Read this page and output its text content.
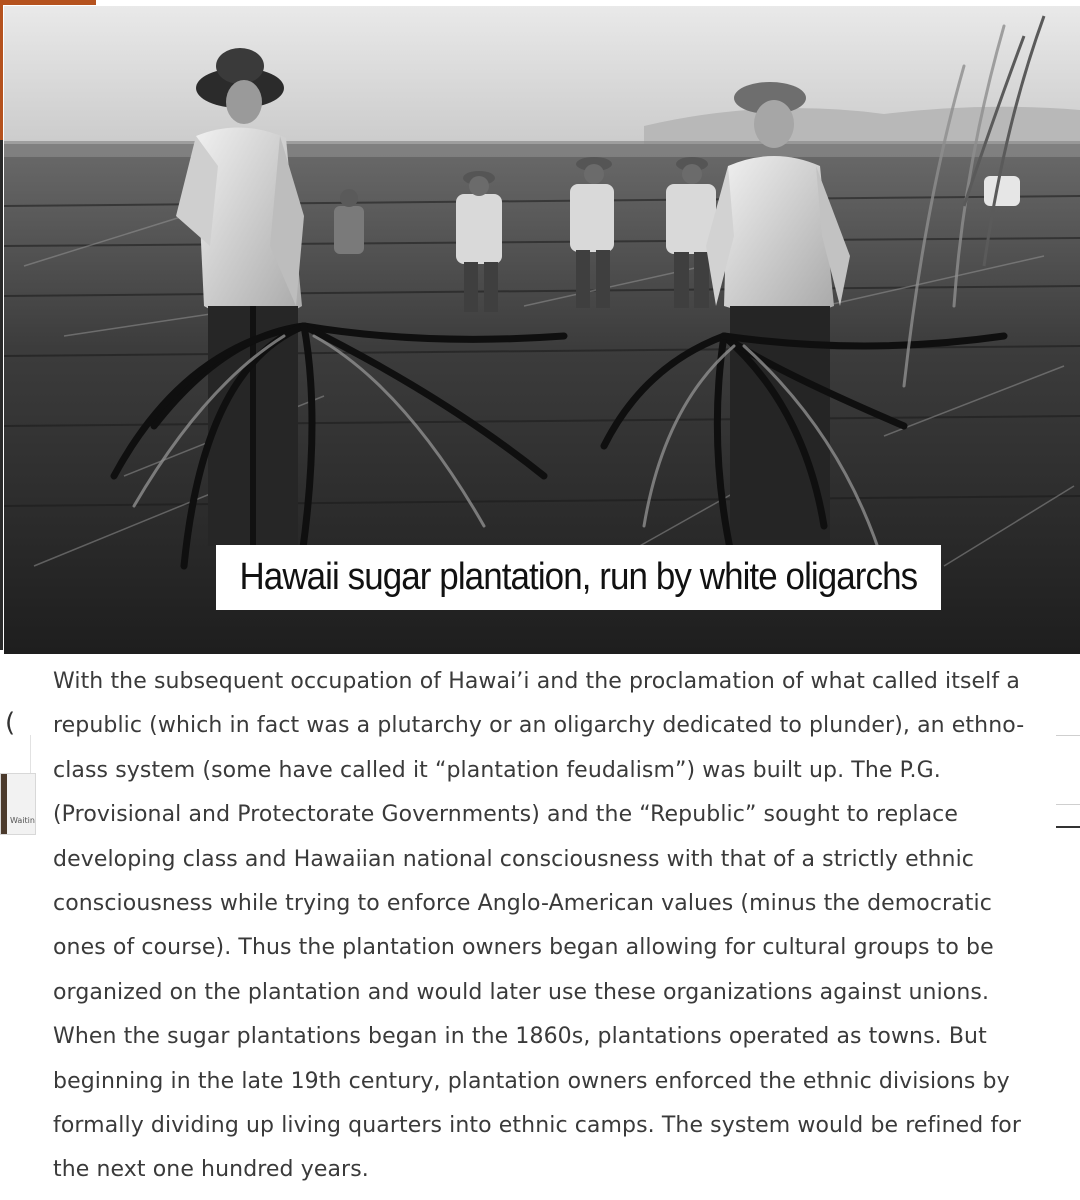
Hawaii sugar plantation, run by white oligarchs
(
Waitin

With the subsequent occupation of Hawai’i and the proclamation of what called itself a republic (which in fact was a plutarchy or an oligarchy dedicated to plunder), an ethno-class system (some have called it “plantation feudalism”) was built up. The P.G. (Provisional and Protectorate Governments) and the “Republic” sought to replace developing class and Hawaiian national consciousness with that of a strictly ethnic consciousness while trying to enforce Anglo-American values (minus the democratic ones of course). Thus the plantation owners began allowing for cultural groups to be organized on the plantation and would later use these organizations against unions. When the sugar plantations began in the 1860s, plantations operated as towns. But beginning in the late 19th century, plantation owners enforced the ethnic divisions by formally dividing up living quarters into ethnic camps. The system would be refined for the next one hundred years.
